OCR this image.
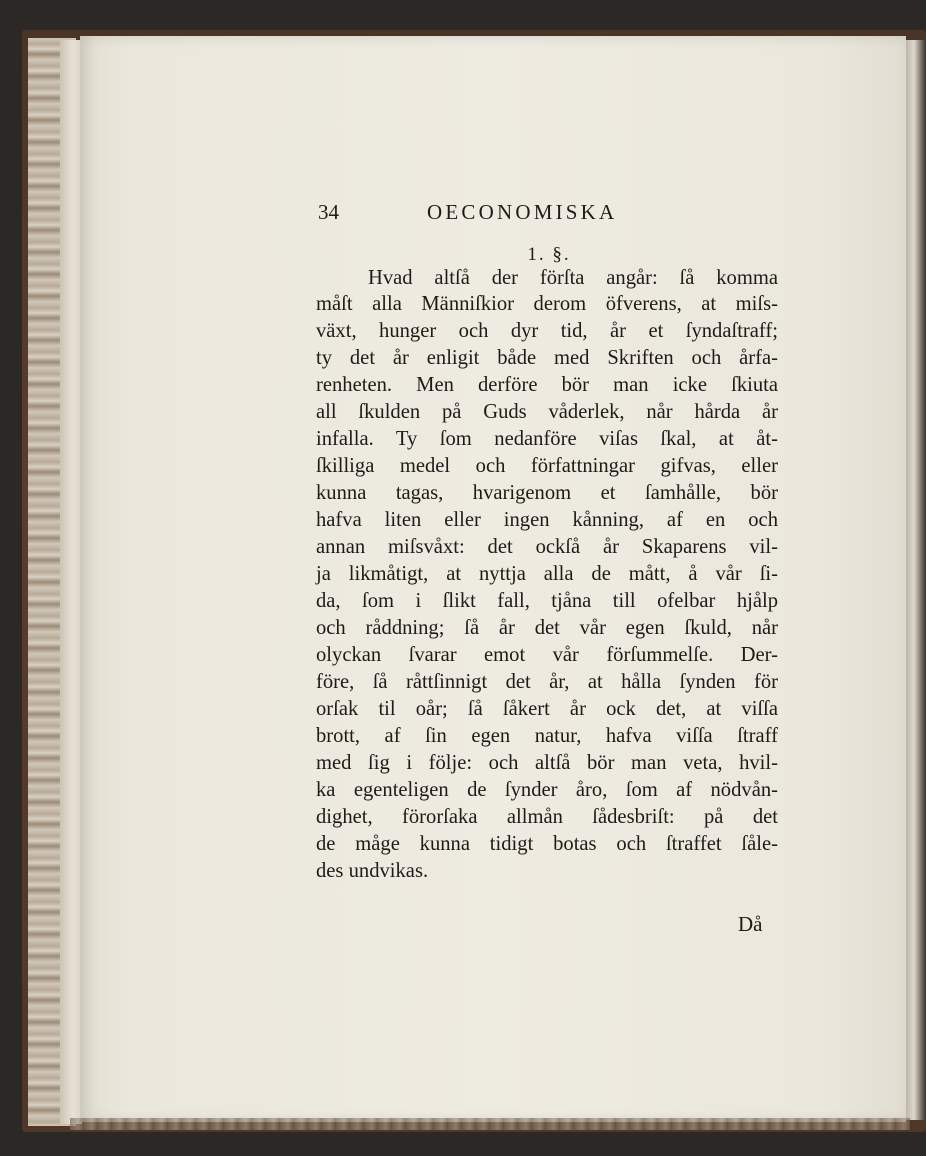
34	OECONOMISKA
1. §.
Hvad altſå der förſta angår: ſå komma
måſt alla Männiſkior derom öfverens, at miſs-
växt, hunger och dyr tid, år et ſyndaſtraff;
ty det år enligit både med Skriften och årfa-
renheten. Men derföre bör man icke ſkiuta
all ſkulden på Guds våderlek, når hårda år
infalla. Ty ſom nedanföre viſas ſkal, at åt-
ſkilliga medel och författningar gifvas, eller
kunna tagas, hvarigenom et ſamhålle, bör
hafva liten eller ingen kånning, af en och
annan miſsvåxt: det ockſå år Skaparens vil-
ja likmåtigt, at nyttja alla de mått, å vår ſi-
da, ſom i ſlikt fall, tjåna till ofelbar hjålp
och råddning; ſå år det vår egen ſkuld, når
olyckan ſvarar emot vår förſummelſe. Der-
före, ſå råttſinnigt det år, at hålla ſynden för
orſak til oår; ſå ſåkert år ock det, at viſſa
brott, af ſin egen natur, hafva viſſa ſtraff
med ſig i följe: och altſå bör man veta, hvil-
ka egenteligen de ſynder åro, ſom af nödvån-
dighet, förorſaka allmån ſådesbriſt: på det
de måge kunna tidigt botas och ſtraffet ſåle-
des undvikas.
Då
